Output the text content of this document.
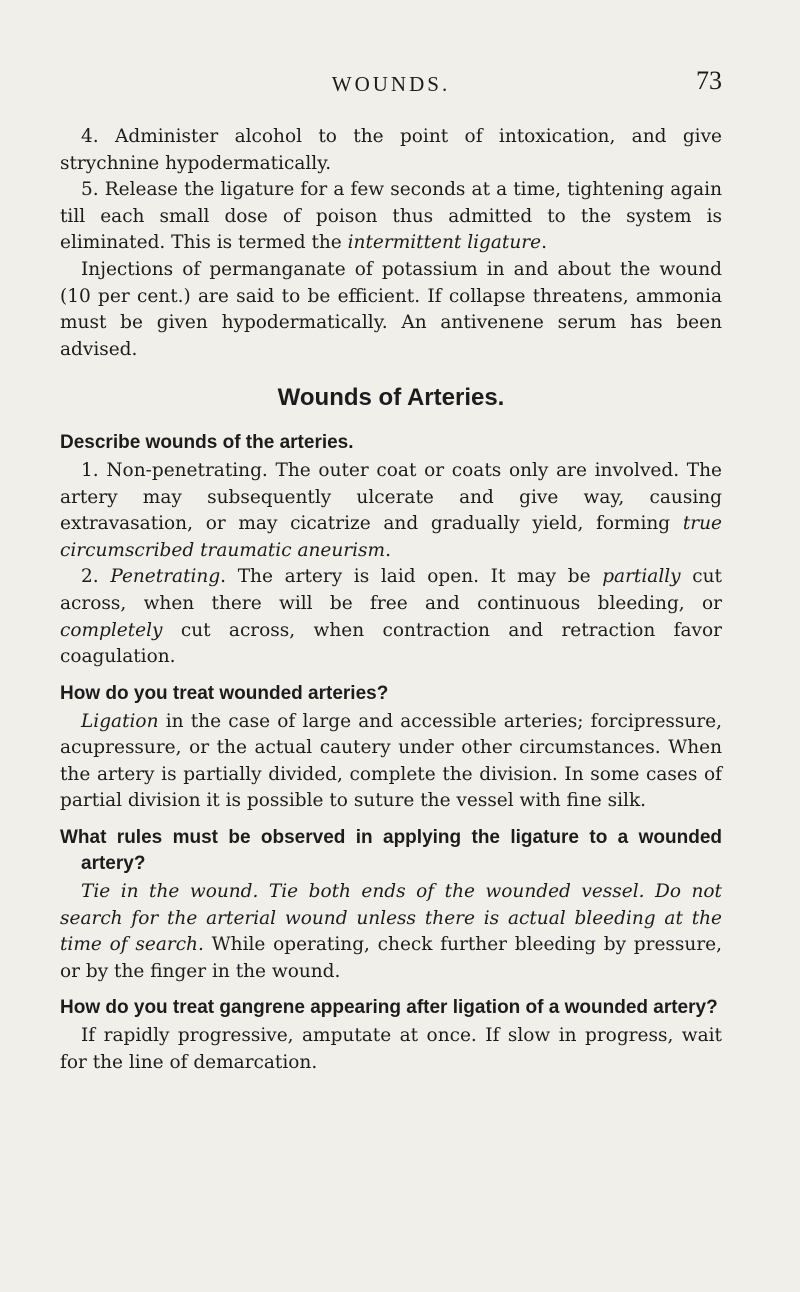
WOUNDS.	73

4. Administer alcohol to the point of intoxication, and give strychnine hypodermatically.

5. Release the ligature for a few seconds at a time, tightening again till each small dose of poison thus admitted to the system is eliminated. This is termed the intermittent ligature.

Injections of permanganate of potassium in and about the wound (10 per cent.) are said to be efficient. If collapse threatens, ammonia must be given hypodermatically. An antivenene serum has been advised.

Wounds of Arteries.
Describe wounds of the arteries.

1. Non-penetrating. The outer coat or coats only are involved. The artery may subsequently ulcerate and give way, causing extravasation, or may cicatrize and gradually yield, forming true circumscribed traumatic aneurism.

2. Penetrating. The artery is laid open. It may be partially cut across, when there will be free and continuous bleeding, or completely cut across, when contraction and retraction favor coagulation.

How do you treat wounded arteries?

Ligation in the case of large and accessible arteries; forcipressure, acupressure, or the actual cautery under other circumstances. When the artery is partially divided, complete the division. In some cases of partial division it is possible to suture the vessel with fine silk.

What rules must be observed in applying the ligature to a wounded artery?

Tie in the wound. Tie both ends of the wounded vessel. Do not search for the arterial wound unless there is actual bleeding at the time of search. While operating, check further bleeding by pressure, or by the finger in the wound.

How do you treat gangrene appearing after ligation of a wounded artery?

If rapidly progressive, amputate at once. If slow in progress, wait for the line of demarcation.
